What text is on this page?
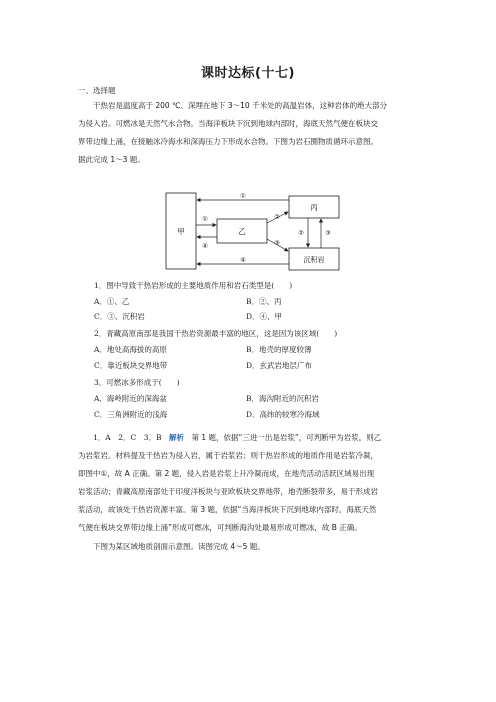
课时达标(十七)
一、选择题

干热岩是温度高于 200 ℃、深埋在地下 3～10 千米处的高温岩体，这种岩体的绝大部分
为侵入岩。可燃冰是天然气水合物。当海洋板块下沉到地球内部时，海底天然气便在板块交
界带边缘上涌，在接触冰冷海水和深海压力下形成水合物。下图为岩石圈物质循环示意图。
据此完成 1～3 题。

甲	乙
丙
沉积岩
①
①
④
②
③
②	③
④
1．图中导致干热岩形成的主要地质作用和岩石类型是(　　)
A．①、乙	B．②、丙
C．③、沉积岩	D．④、甲
2．青藏高原南部是我国干热岩资源最丰富的地区，这是因为该区域(　　)
A．地处高海拔的高原	B．地壳的厚度较薄
C．靠近板块交界地带	D．玄武岩地层广布
3．可燃冰多形成于(　　)
A．海岭附近的深海盆	B．海沟附近的沉积岩
C．三角洲附近的浅海	D．高纬的较寒冷海域

1．A　2．C　3．B　 解析　 第 1 题，依据“三进一出是岩浆”，可判断甲为岩浆，则乙
为岩浆岩。材料提及干热岩为侵入岩，属于岩浆岩；则干热岩形成的地质作用是岩浆冷凝，
即图中①，故 A 正确。第 2 题，侵入岩是岩浆上升冷凝而成，在地壳活动活跃区域易出现
岩浆活动；青藏高原南部处于印度洋板块与亚欧板块交界地带，地壳断裂带多，易于形成岩
浆活动，故该处干热岩资源丰富。第 3 题，依据“当海洋板块下沉到地球内部时，海底天然
气便在板块交界带边缘上涌”形成可燃冰，可判断海沟处最易形成可燃冰，故 B 正确。

下图为某区域地质剖面示意图。读图完成 4～5 题。
